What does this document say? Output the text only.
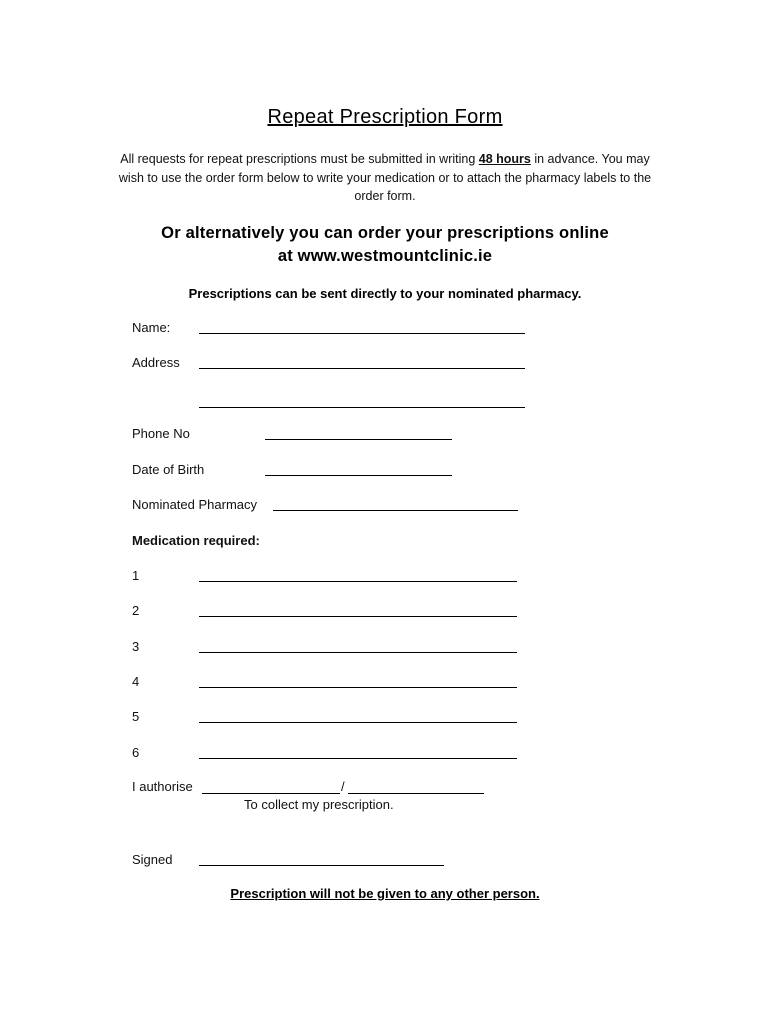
Repeat Prescription Form
All requests for repeat prescriptions must be submitted in writing 48 hours in advance. You may wish to use the order form below to write your medication or to attach the pharmacy labels to the order form.
Or alternatively you can order your prescriptions online
at www.westmountclinic.ie
Prescriptions can be sent directly to your nominated pharmacy.
Name:
Address
Phone No
Date of Birth
Nominated Pharmacy
Medication required:
1
2
3
4
5
6
I authorise	/
To collect my prescription.
Signed
Prescription will not be given to any other person.
